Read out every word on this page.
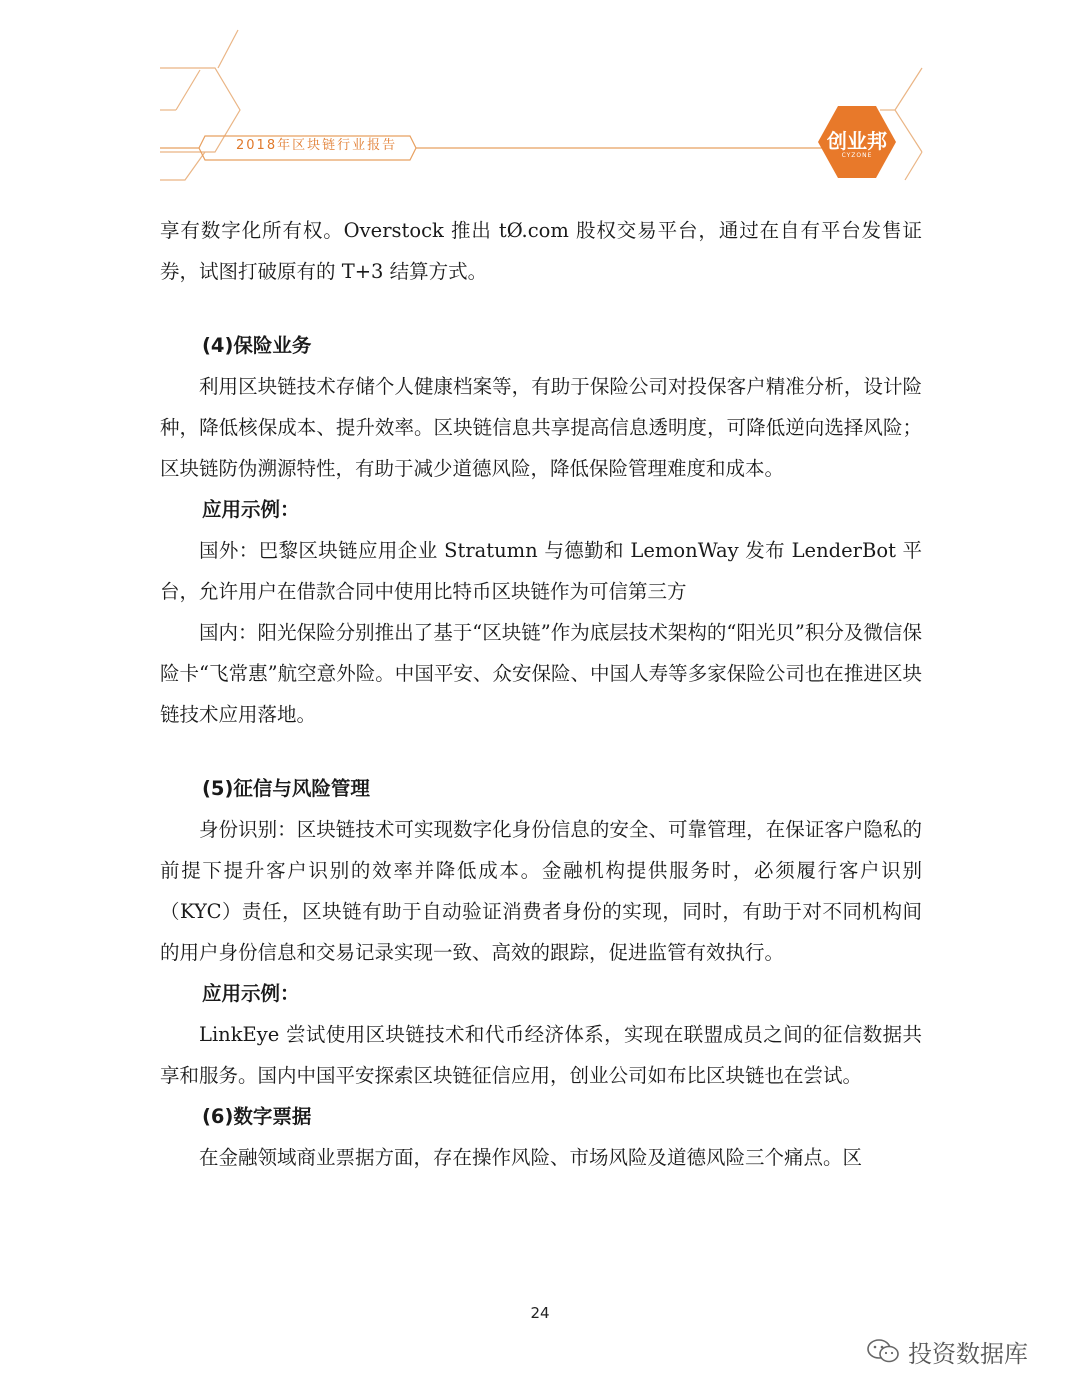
2018年区块链行业报告	创业邦
CYZONE

享有数字化所有权。Overstock 推出 tØ.com 股权交易平台，通过在自有平台发售证券，试图打破原有的 T+3 结算方式。

(4)保险业务

利用区块链技术存储个人健康档案等，有助于保险公司对投保客户精准分析，设计险种，降低核保成本、提升效率。区块链信息共享提高信息透明度，可降低逆向选择风险；区块链防伪溯源特性，有助于减少道德风险，降低保险管理难度和成本。

应用示例：

国外：巴黎区块链应用企业 Stratumn 与德勤和 LemonWay 发布 LenderBot 平台，允许用户在借款合同中使用比特币区块链作为可信第三方

国内：阳光保险分别推出了基于“区块链”作为底层技术架构的“阳光贝”积分及微信保险卡“飞常惠”航空意外险。中国平安、众安保险、中国人寿等多家保险公司也在推进区块链技术应用落地。

(5)征信与风险管理

身份识别：区块链技术可实现数字化身份信息的安全、可靠管理，在保证客户隐私的前提下提升客户识别的效率并降低成本。金融机构提供服务时，必须履行客户识别（KYC）责任，区块链有助于自动验证消费者身份的实现，同时，有助于对不同机构间的用户身份信息和交易记录实现一致、高效的跟踪，促进监管有效执行。

应用示例：

LinkEye 尝试使用区块链技术和代币经济体系，实现在联盟成员之间的征信数据共享和服务。国内中国平安探索区块链征信应用，创业公司如布比区块链也在尝试。

(6)数字票据

在金融领域商业票据方面，存在操作风险、市场风险及道德风险三个痛点。区

24
投资数据库
